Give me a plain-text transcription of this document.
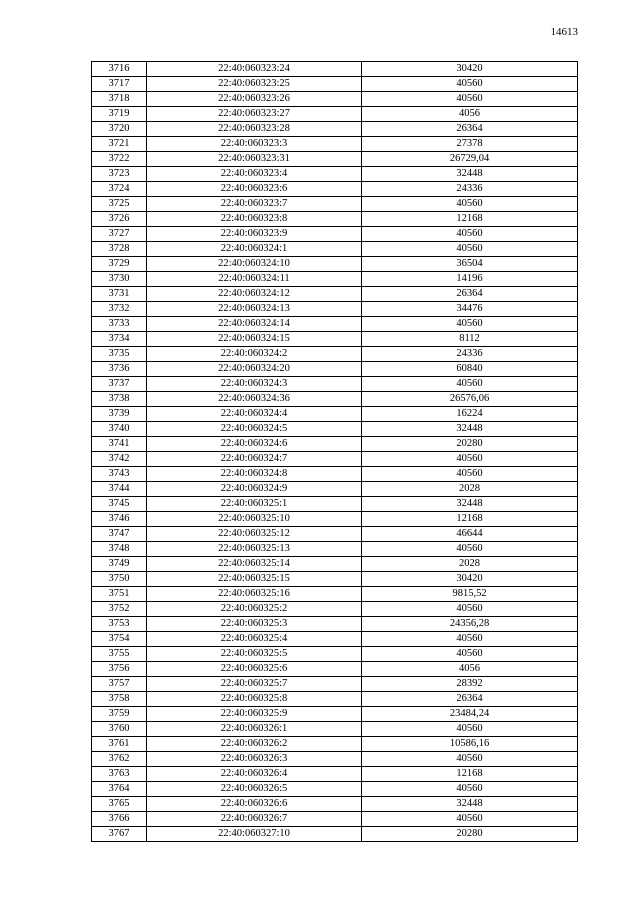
14613
3716	22:40:060323:24	30420
3717	22:40:060323:25	40560
3718	22:40:060323:26	40560
3719	22:40:060323:27	4056
3720	22:40:060323:28	26364
3721	22:40:060323:3	27378
3722	22:40:060323:31	26729,04
3723	22:40:060323:4	32448
3724	22:40:060323:6	24336
3725	22:40:060323:7	40560
3726	22:40:060323:8	12168
3727	22:40:060323:9	40560
3728	22:40:060324:1	40560
3729	22:40:060324:10	36504
3730	22:40:060324:11	14196
3731	22:40:060324:12	26364
3732	22:40:060324:13	34476
3733	22:40:060324:14	40560
3734	22:40:060324:15	8112
3735	22:40:060324:2	24336
3736	22:40:060324:20	60840
3737	22:40:060324:3	40560
3738	22:40:060324:36	26576,06
3739	22:40:060324:4	16224
3740	22:40:060324:5	32448
3741	22:40:060324:6	20280
3742	22:40:060324:7	40560
3743	22:40:060324:8	40560
3744	22:40:060324:9	2028
3745	22:40:060325:1	32448
3746	22:40:060325:10	12168
3747	22:40:060325:12	46644
3748	22:40:060325:13	40560
3749	22:40:060325:14	2028
3750	22:40:060325:15	30420
3751	22:40:060325:16	9815,52
3752	22:40:060325:2	40560
3753	22:40:060325:3	24356,28
3754	22:40:060325:4	40560
3755	22:40:060325:5	40560
3756	22:40:060325:6	4056
3757	22:40:060325:7	28392
3758	22:40:060325:8	26364
3759	22:40:060325:9	23484,24
3760	22:40:060326:1	40560
3761	22:40:060326:2	10586,16
3762	22:40:060326:3	40560
3763	22:40:060326:4	12168
3764	22:40:060326:5	40560
3765	22:40:060326:6	32448
3766	22:40:060326:7	40560
3767	22:40:060327:10	20280
